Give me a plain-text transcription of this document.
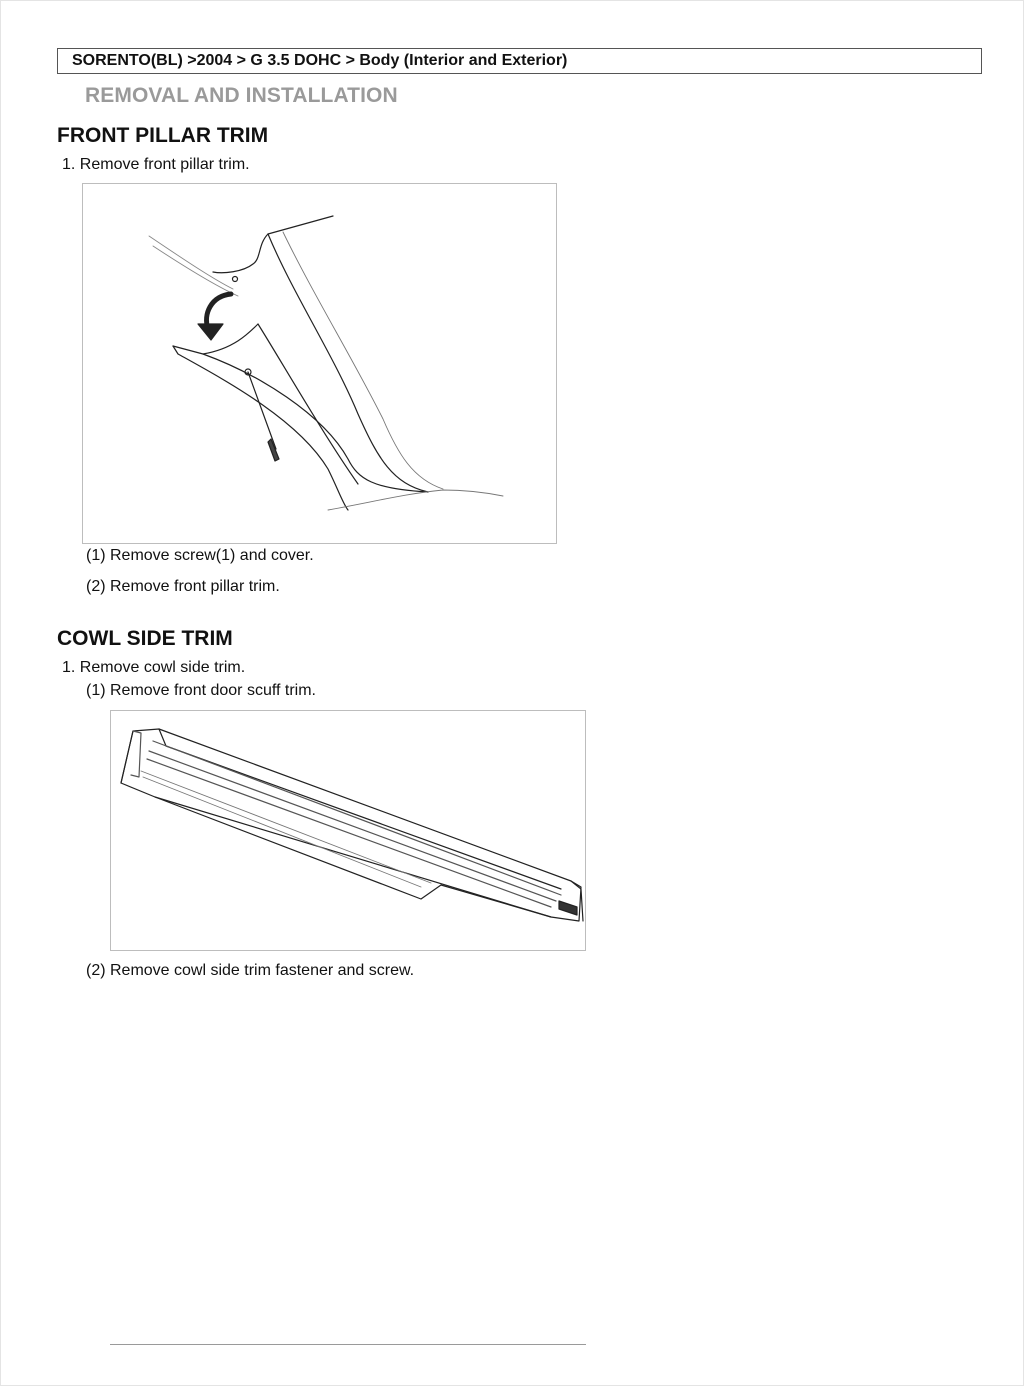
SORENTO(BL) >2004 > G 3.5 DOHC > Body (Interior and Exterior)
REMOVAL AND INSTALLATION
FRONT PILLAR TRIM
1. Remove front pillar trim.
(1) Remove screw(1) and cover.
(2) Remove front pillar trim.
COWL SIDE TRIM
1. Remove cowl side trim.
(1) Remove front door scuff trim.
(2) Remove cowl side trim fastener and screw.
